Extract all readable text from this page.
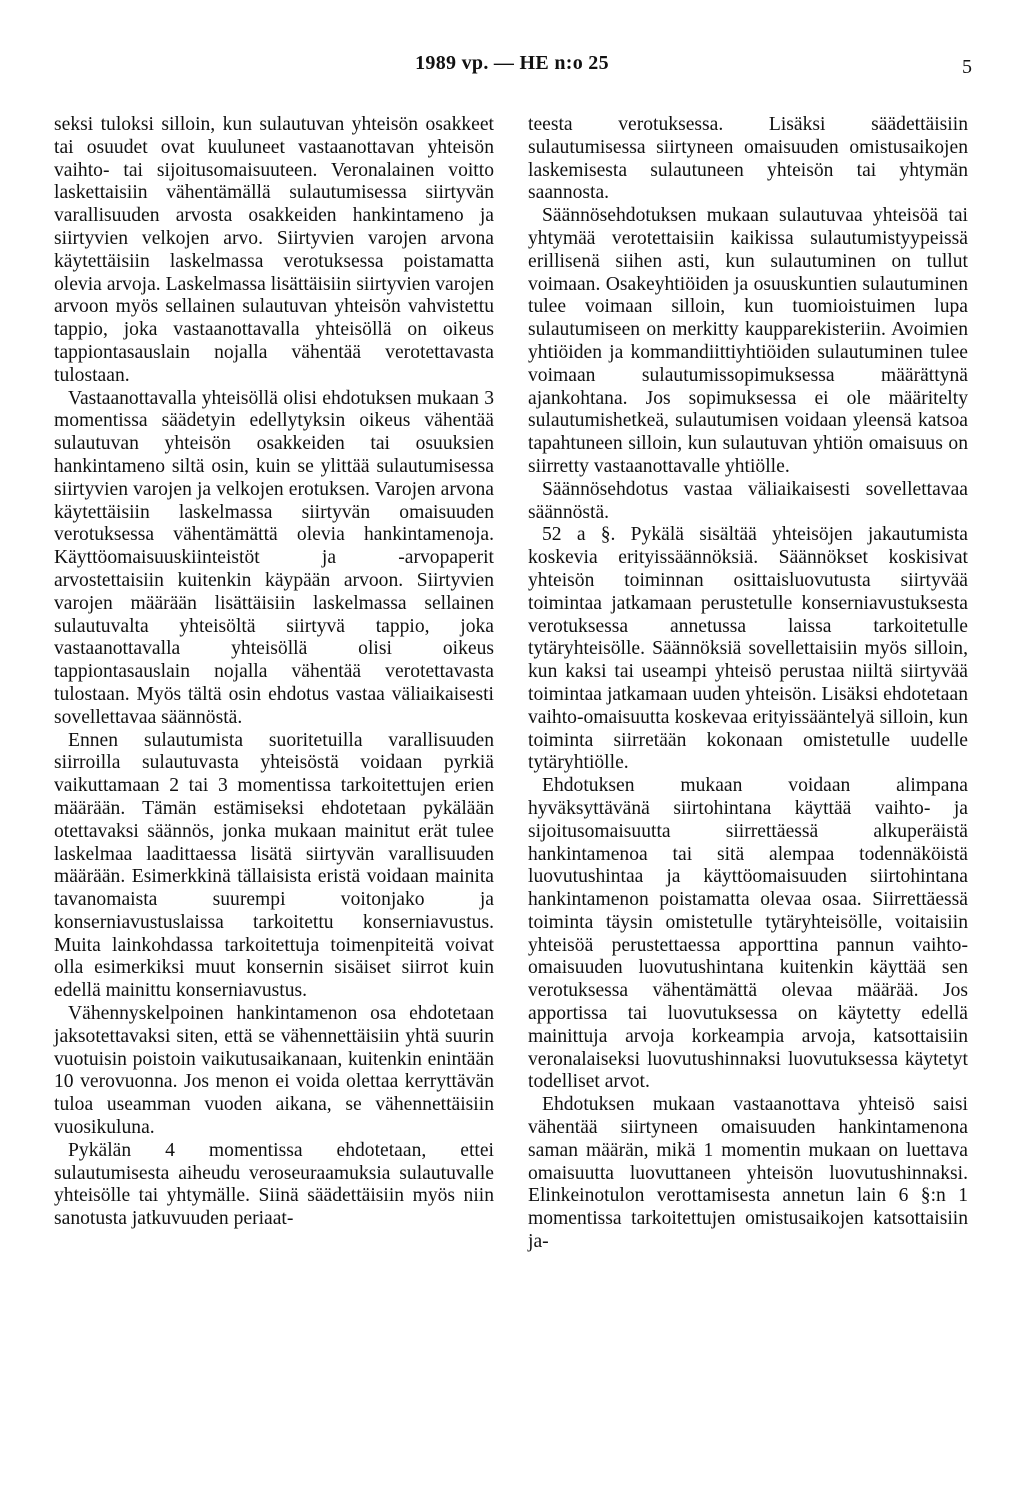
1989 vp. — HE n:o 25	5

seksi tuloksi silloin, kun sulautuvan yhteisön osakkeet tai osuudet ovat kuuluneet vastaanottavan yhteisön vaihto- tai sijoitusomaisuuteen. Veronalainen voitto laskettaisiin vähentämällä sulautumisessa siirtyvän varallisuuden arvosta osakkeiden hankintameno ja siirtyvien velkojen arvo. Siirtyvien varojen arvona käytettäisiin laskelmassa verotuksessa poistamatta olevia arvoja. Laskelmassa lisättäisiin siirtyvien varojen arvoon myös sellainen sulautuvan yhteisön vahvistettu tappio, joka vastaanottavalla yhteisöllä on oikeus tappiontasauslain nojalla vähentää verotettavasta tulostaan.

Vastaanottavalla yhteisöllä olisi ehdotuksen mukaan 3 momentissa säädetyin edellytyksin oikeus vähentää sulautuvan yhteisön osakkeiden tai osuuksien hankintameno siltä osin, kuin se ylittää sulautumisessa siirtyvien varojen ja velkojen erotuksen. Varojen arvona käytettäisiin laskelmassa siirtyvän omaisuuden verotuksessa vähentämättä olevia hankintamenoja. Käyttöomaisuuskiinteistöt ja -arvopaperit arvostettaisiin kuitenkin käypään arvoon. Siirtyvien varojen määrään lisättäisiin laskelmassa sellainen sulautuvalta yhteisöltä siirtyvä tappio, joka vastaanottavalla yhteisöllä olisi oikeus tappiontasauslain nojalla vähentää verotettavasta tulostaan. Myös tältä osin ehdotus vastaa väliaikaisesti sovellettavaa säännöstä.

Ennen sulautumista suoritetuilla varallisuuden siirroilla sulautuvasta yhteisöstä voidaan pyrkiä vaikuttamaan 2 tai 3 momentissa tarkoitettujen erien määrään. Tämän estämiseksi ehdotetaan pykälään otettavaksi säännös, jonka mukaan mainitut erät tulee laskelmaa laadittaessa lisätä siirtyvän varallisuuden määrään. Esimerkkinä tällaisista eristä voidaan mainita tavanomaista suurempi voitonjako ja konserniavustuslaissa tarkoitettu konserniavustus. Muita lainkohdassa tarkoitettuja toimenpiteitä voivat olla esimerkiksi muut konsernin sisäiset siirrot kuin edellä mainittu konserniavustus.

Vähennyskelpoinen hankintamenon osa ehdotetaan jaksotettavaksi siten, että se vähennettäisiin yhtä suurin vuotuisin poistoin vaikutusaikanaan, kuitenkin enintään 10 verovuonna. Jos menon ei voida olettaa kerryttävän tuloa useamman vuoden aikana, se vähennettäisiin vuosikuluna.

Pykälän 4 momentissa ehdotetaan, ettei sulautumisesta aiheudu veroseuraamuksia sulautuvalle yhteisölle tai yhtymälle. Siinä säädettäisiin myös niin sanotusta jatkuvuuden periaat-

teesta verotuksessa. Lisäksi säädettäisiin sulautumisessa siirtyneen omaisuuden omistusaikojen laskemisesta sulautuneen yhteisön tai yhtymän saannosta.

Säännösehdotuksen mukaan sulautuvaa yhteisöä tai yhtymää verotettaisiin kaikissa sulautumistyypeissä erillisenä siihen asti, kun sulautuminen on tullut voimaan. Osakeyhtiöiden ja osuuskuntien sulautuminen tulee voimaan silloin, kun tuomioistuimen lupa sulautumiseen on merkitty kaupparekisteriin. Avoimien yhtiöiden ja kommandiittiyhtiöiden sulautuminen tulee voimaan sulautumissopimuksessa määrättynä ajankohtana. Jos sopimuksessa ei ole määritelty sulautumishetkeä, sulautumisen voidaan yleensä katsoa tapahtuneen silloin, kun sulautuvan yhtiön omaisuus on siirretty vastaanottavalle yhtiölle.

Säännösehdotus vastaa väliaikaisesti sovellettavaa säännöstä.

52 a §. Pykälä sisältää yhteisöjen jakautumista koskevia erityissäännöksiä. Säännökset koskisivat yhteisön toiminnan osittaisluovutusta siirtyvää toimintaa jatkamaan perustetulle konserniavustuksesta verotuksessa annetussa laissa tarkoitetulle tytäryhteisölle. Säännöksiä sovellettaisiin myös silloin, kun kaksi tai useampi yhteisö perustaa niiltä siirtyvää toimintaa jatkamaan uuden yhteisön. Lisäksi ehdotetaan vaihto-omaisuutta koskevaa erityissääntelyä silloin, kun toiminta siirretään kokonaan omistetulle uudelle tytäryhtiölle.

Ehdotuksen mukaan voidaan alimpana hyväksyttävänä siirtohintana käyttää vaihto- ja sijoitusomaisuutta siirrettäessä alkuperäistä hankintamenoa tai sitä alempaa todennäköistä luovutushintaa ja käyttöomaisuuden siirtohintana hankintamenon poistamatta olevaa osaa. Siirrettäessä toiminta täysin omistetulle tytäryhteisölle, voitaisiin yhteisöä perustettaessa apporttina pannun vaihto-omaisuuden luovutushintana kuitenkin käyttää sen verotuksessa vähentämättä olevaa määrää. Jos apportissa tai luovutuksessa on käytetty edellä mainittuja arvoja korkeampia arvoja, katsottaisiin veronalaiseksi luovutushinnaksi luovutuksessa käytetyt todelliset arvot.

Ehdotuksen mukaan vastaanottava yhteisö saisi vähentää siirtyneen omaisuuden hankintamenona saman määrän, mikä 1 momentin mukaan on luettava omaisuutta luovuttaneen yhteisön luovutushinnaksi. Elinkeinotulon verottamisesta annetun lain 6 §:n 1 momentissa tarkoitettujen omistusaikojen katsottaisiin ja-
